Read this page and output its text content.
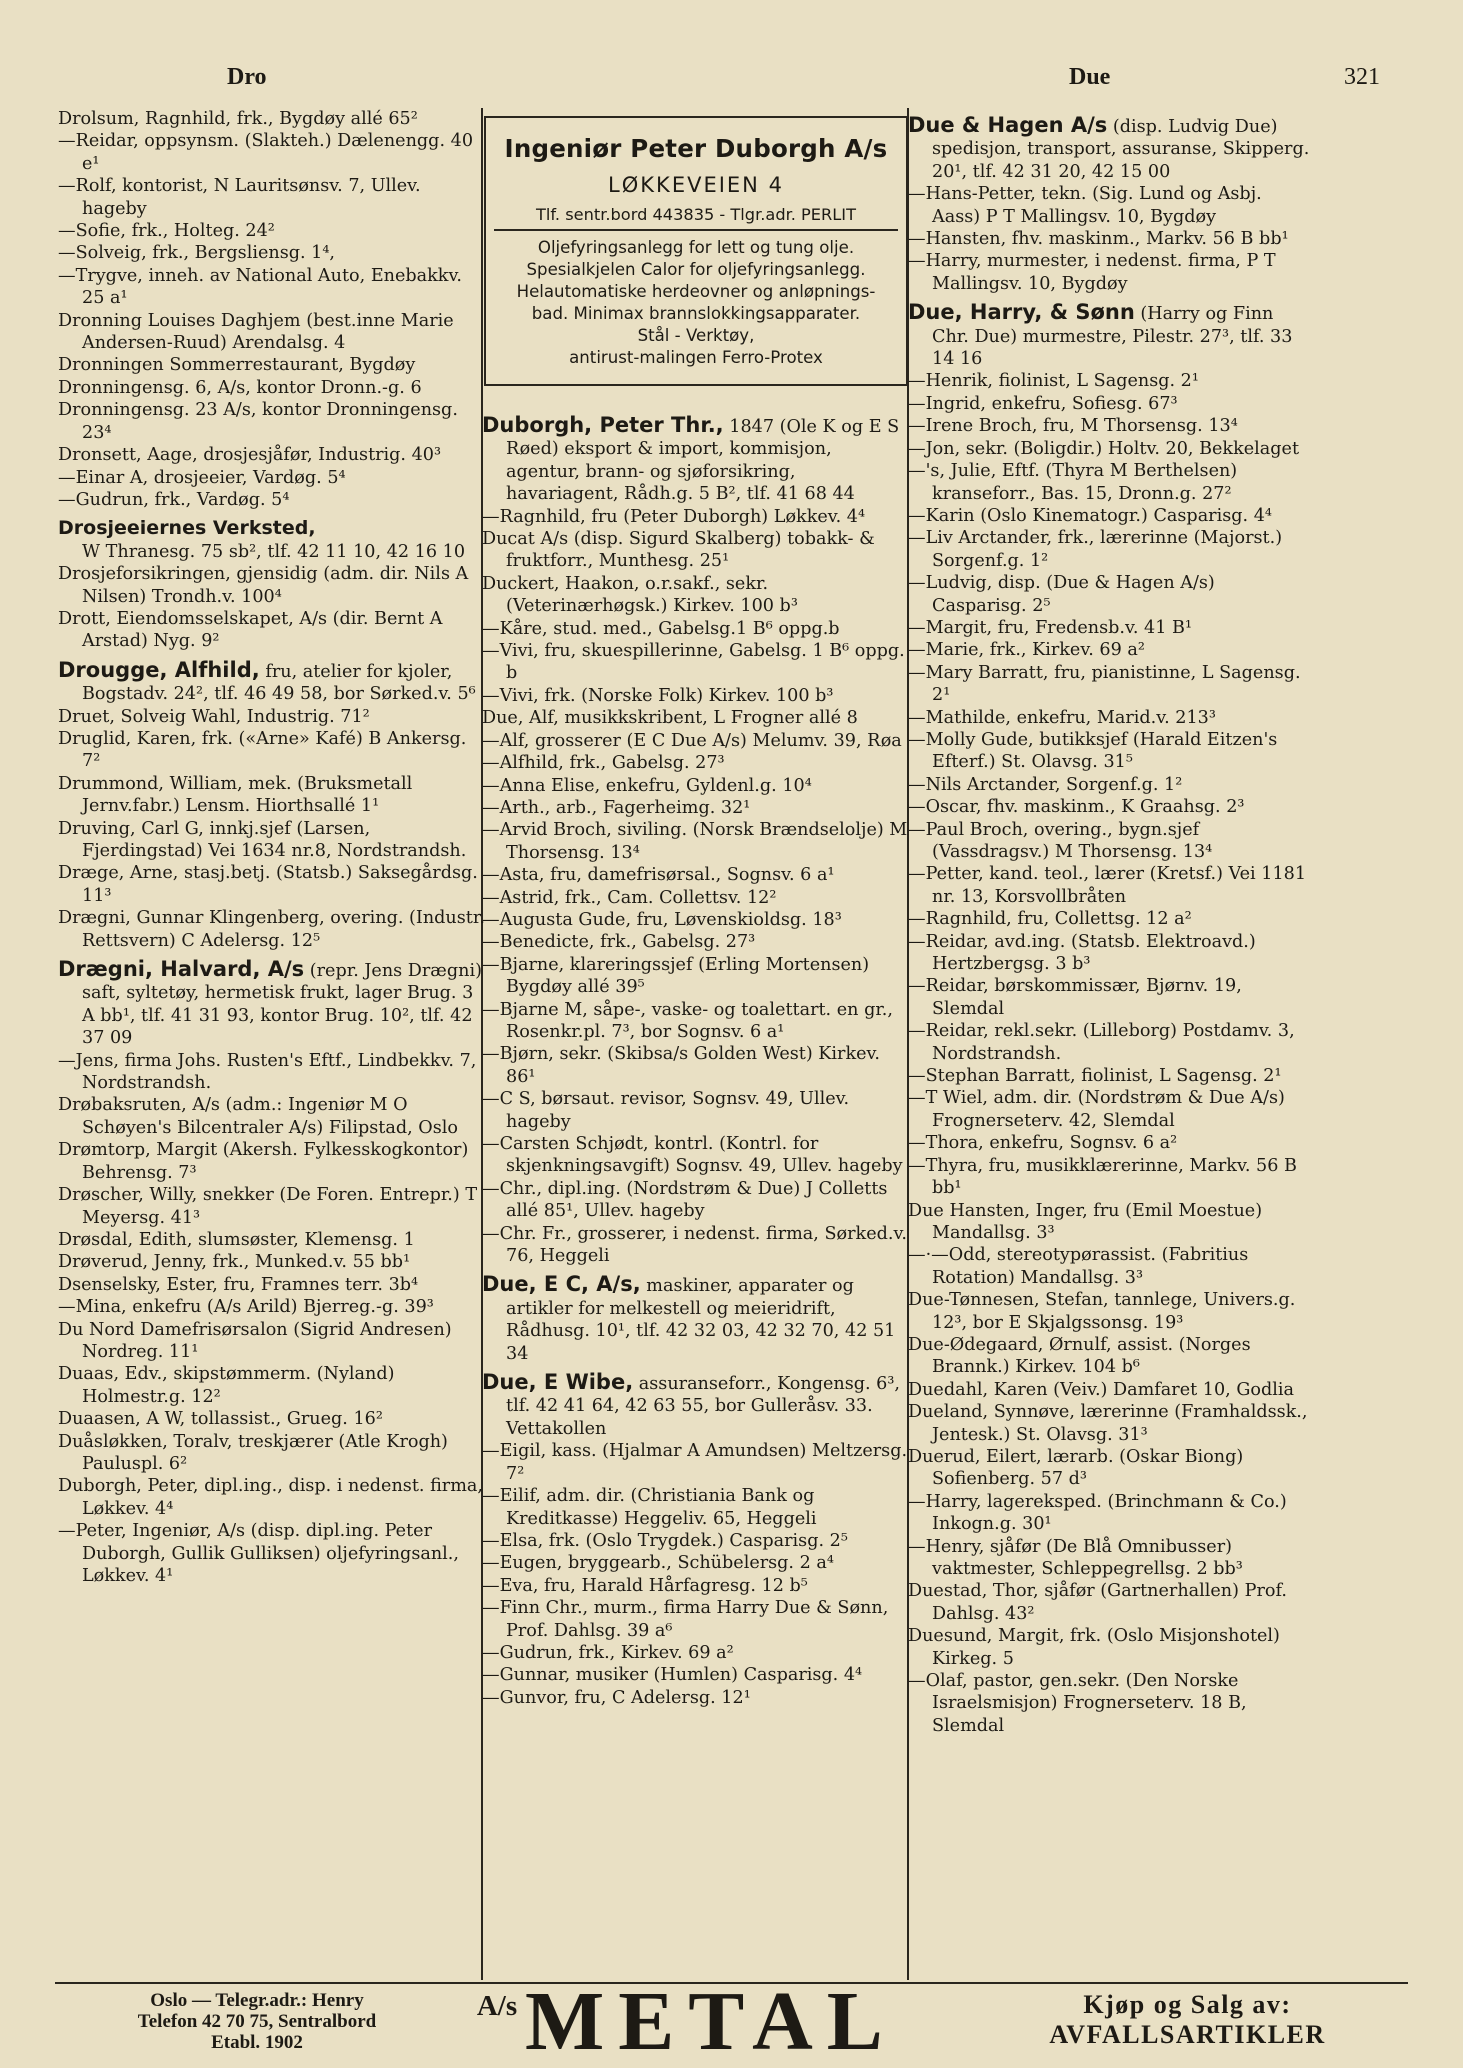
Dro	Due	321
Ingeniør Peter Duborgh A/s
LØKKEVEIEN 4
Tlf. sentr.bord 443835 - Tlgr.adr. PERLIT
Oljefyringsanlegg for lett og tung olje.
Spesialkjelen Calor for oljefyringsanlegg.
Helautomatiske herdeovner og anløpnings-
bad. Minimax brannslokkingsapparater.
Stål - Verktøy,
antirust-malingen Ferro-Protex

Drolsum, Ragnhild, frk., Bygdøy allé 65²

—Reidar, oppsynsm. (Slakteh.) Dælenengg. 40 e¹

—Rolf, kontorist, N Lauritsønsv. 7, Ullev. hageby

—Sofie, frk., Holteg. 24²

—Solveig, frk., Bergsliensg. 1⁴,

—Trygve, inneh. av National Auto, Enebakkv. 25 a¹

Dronning Louises Daghjem (best.inne Marie Andersen-Ruud) Arendalsg. 4

Dronningen Sommerrestaurant, Bygdøy

Dronningensg. 6, A/s, kontor Dronn.-g. 6

Dronningensg. 23 A/s, kontor Dronningensg. 23⁴

Dronsett, Aage, drosjesjåfør, Industrig. 40³

—Einar A, drosjeeier, Vardøg. 5⁴

—Gudrun, frk., Vardøg. 5⁴

Drosjeeiernes Verksted,
W Thranesg. 75 sb², tlf. 42 11 10, 42 16 10

Drosjeforsikringen, gjensidig (adm. dir. Nils A Nilsen) Trondh.v. 100⁴

Drott, Eiendomsselskapet, A/s (dir. Bernt A Arstad) Nyg. 9²

Drougge, Alfhild, fru, atelier for kjoler, Bogstadv. 24², tlf. 46 49 58, bor Sørked.v. 5⁶

Druet, Solveig Wahl, Industrig. 71²

Druglid, Karen, frk. («Arne» Kafé) B Ankersg. 7²

Drummond, William, mek. (Bruksmetall Jernv.fabr.) Lensm. Hiorthsallé 1¹

Druving, Carl G, innkj.sjef (Larsen, Fjerdingstad) Vei 1634 nr.8, Nordstrandsh.

Dræge, Arne, stasj.betj. (Statsb.) Saksegårdsg. 11³

Drægni, Gunnar Klingenberg, overing. (Industr. Rettsvern) C Adelersg. 12⁵

Drægni, Halvard, A/s (repr. Jens Drægni) saft, syltetøy, hermetisk frukt, lager Brug. 3 A bb¹, tlf. 41 31 93, kontor Brug. 10², tlf. 42 37 09

—Jens, firma Johs. Rusten's Eftf., Lindbekkv. 7, Nordstrandsh.

Drøbaksruten, A/s (adm.: Ingeniør M O Schøyen's Bilcentraler A/s) Filipstad, Oslo

Drømtorp, Margit (Akersh. Fylkesskogkontor) Behrensg. 7³

Drøscher, Willy, snekker (De Foren. Entrepr.) T Meyersg. 41³

Drøsdal, Edith, slumsøster, Klemensg. 1

Drøverud, Jenny, frk., Munked.v. 55 bb¹

Dsenselsky, Ester, fru, Framnes terr. 3b⁴

—Mina, enkefru (A/s Arild) Bjerreg.-g. 39³

Du Nord Damefrisørsalon (Sigrid Andresen) Nordreg. 11¹

Duaas, Edv., skipstømmerm. (Nyland) Holmestr.g. 12²

Duaasen, A W, tollassist., Grueg. 16²

Duåsløkken, Toralv, treskjærer (Atle Krogh) Pauluspl. 6²

Duborgh, Peter, dipl.ing., disp. i nedenst. firma, Løkkev. 4⁴

—Peter, Ingeniør, A/s (disp. dipl.ing. Peter Duborgh, Gullik Gulliksen) oljefyringsanl., Løkkev. 4¹

Duborgh, Peter Thr., 1847 (Ole K og E S Røed) eksport & import, kommisjon, agentur, brann- og sjøforsikring, havariagent, Rådh.g. 5 B², tlf. 41 68 44

—Ragnhild, fru (Peter Duborgh) Løkkev. 4⁴

Ducat A/s (disp. Sigurd Skalberg) tobakk- & fruktforr., Munthesg. 25¹

Duckert, Haakon, o.r.sakf., sekr. (Veterinærhøgsk.) Kirkev. 100 b³

—Kåre, stud. med., Gabelsg.1 B⁶ oppg.b

—Vivi, fru, skuespillerinne, Gabelsg. 1 B⁶ oppg. b

—Vivi, frk. (Norske Folk) Kirkev. 100 b³

Due, Alf, musikkskribent, L Frogner allé 8

—Alf, grosserer (E C Due A/s) Melumv. 39, Røa

—Alfhild, frk., Gabelsg. 27³

—Anna Elise, enkefru, Gyldenl.g. 10⁴

—Arth., arb., Fagerheimg. 32¹

—Arvid Broch, siviling. (Norsk Brændselolje) M Thorsensg. 13⁴

—Asta, fru, damefrisørsal., Sognsv. 6 a¹

—Astrid, frk., Cam. Collettsv. 12²

—Augusta Gude, fru, Løvenskioldsg. 18³

—Benedicte, frk., Gabelsg. 27³

—Bjarne, klareringssjef (Erling Mortensen) Bygdøy allé 39⁵

—Bjarne M, såpe-, vaske- og toalettart. en gr., Rosenkr.pl. 7³, bor Sognsv. 6 a¹

—Bjørn, sekr. (Skibsa/s Golden West) Kirkev. 86¹

—C S, børsaut. revisor, Sognsv. 49, Ullev. hageby

—Carsten Schjødt, kontrl. (Kontrl. for skjenkningsavgift) Sognsv. 49, Ullev. hageby

—Chr., dipl.ing. (Nordstrøm & Due) J Colletts allé 85¹, Ullev. hageby

—Chr. Fr., grosserer, i nedenst. firma, Sørked.v. 76, Heggeli

Due, E C, A/s, maskiner, apparater og artikler for melkestell og meieridrift, Rådhusg. 10¹, tlf. 42 32 03, 42 32 70, 42 51 34

Due, E Wibe, assuranseforr., Kongensg. 6³, tlf. 42 41 64, 42 63 55, bor Gulleråsv. 33. Vettakollen

—Eigil, kass. (Hjalmar A Amundsen) Meltzersg. 7²

—Eilif, adm. dir. (Christiania Bank og Kreditkasse) Heggeliv. 65, Heggeli

—Elsa, frk. (Oslo Trygdek.) Casparisg. 2⁵

—Eugen, bryggearb., Schübelersg. 2 a⁴

—Eva, fru, Harald Hårfagresg. 12 b⁵

—Finn Chr., murm., firma Harry Due & Sønn, Prof. Dahlsg. 39 a⁶

—Gudrun, frk., Kirkev. 69 a²

—Gunnar, musiker (Humlen) Casparisg. 4⁴

—Gunvor, fru, C Adelersg. 12¹

Due & Hagen A/s (disp. Ludvig Due) spedisjon, transport, assuranse, Skipperg. 20¹, tlf. 42 31 20, 42 15 00

—Hans-Petter, tekn. (Sig. Lund og Asbj. Aass) P T Mallingsv. 10, Bygdøy

—Hansten, fhv. maskinm., Markv. 56 B bb¹

—Harry, murmester, i nedenst. firma, P T Mallingsv. 10, Bygdøy

Due, Harry, & Sønn (Harry og Finn Chr. Due) murmestre, Pilestr. 27³, tlf. 33 14 16

—Henrik, fiolinist, L Sagensg. 2¹

—Ingrid, enkefru, Sofiesg. 67³

—Irene Broch, fru, M Thorsensg. 13⁴

—Jon, sekr. (Boligdir.) Holtv. 20, Bekkelaget

—'s, Julie, Eftf. (Thyra M Berthelsen) kranseforr., Bas. 15, Dronn.g. 27²

—Karin (Oslo Kinematogr.) Casparisg. 4⁴

—Liv Arctander, frk., lærerinne (Majorst.) Sorgenf.g. 1²

—Ludvig, disp. (Due & Hagen A/s) Casparisg. 2⁵

—Margit, fru, Fredensb.v. 41 B¹

—Marie, frk., Kirkev. 69 a²

—Mary Barratt, fru, pianistinne, L Sagensg. 2¹

—Mathilde, enkefru, Marid.v. 213³

—Molly Gude, butikksjef (Harald Eitzen's Efterf.) St. Olavsg. 31⁵

—Nils Arctander, Sorgenf.g. 1²

—Oscar, fhv. maskinm., K Graahsg. 2³

—Paul Broch, overing., bygn.sjef (Vassdragsv.) M Thorsensg. 13⁴

—Petter, kand. teol., lærer (Kretsf.) Vei 1181 nr. 13, Korsvollbråten

—Ragnhild, fru, Collettsg. 12 a²

—Reidar, avd.ing. (Statsb. Elektroavd.) Hertzbergsg. 3 b³

—Reidar, børskommissær, Bjørnv. 19, Slemdal

—Reidar, rekl.sekr. (Lilleborg) Postdamv. 3, Nordstrandsh.

—Stephan Barratt, fiolinist, L Sagensg. 2¹

—T Wiel, adm. dir. (Nordstrøm & Due A/s) Frognerseterv. 42, Slemdal

—Thora, enkefru, Sognsv. 6 a²

—Thyra, fru, musikklærerinne, Markv. 56 B bb¹

Due Hansten, Inger, fru (Emil Moestue) Mandallsg. 3³

—·—Odd, stereotypørassist. (Fabritius Rotation) Mandallsg. 3³

Due-Tønnesen, Stefan, tannlege, Univers.g. 12³, bor E Skjalgssonsg. 19³

Due-Ødegaard, Ørnulf, assist. (Norges Brannk.) Kirkev. 104 b⁶

Duedahl, Karen (Veiv.) Damfaret 10, Godlia

Dueland, Synnøve, lærerinne (Framhaldssk., Jentesk.) St. Olavsg. 31³

Duerud, Eilert, lærarb. (Oskar Biong) Sofienberg. 57 d³

—Harry, lagereksped. (Brinchmann & Co.) Inkogn.g. 30¹

—Henry, sjåfør (De Blå Omnibusser) vaktmester, Schleppegrellsg. 2 bb³

Duestad, Thor, sjåfør (Gartnerhallen) Prof. Dahlsg. 43²

Duesund, Margit, frk. (Oslo Misjonshotel) Kirkeg. 5

—Olaf, pastor, gen.sekr. (Den Norske Israelsmisjon) Frognerseterv. 18 B, Slemdal

Oslo — Telegr.adr.: Henry
Telefon 42 70 75, Sentralbord
Etabl. 1902
A/s METAL	Kjøp og Salg av:
AVFALLSARTIKLER
